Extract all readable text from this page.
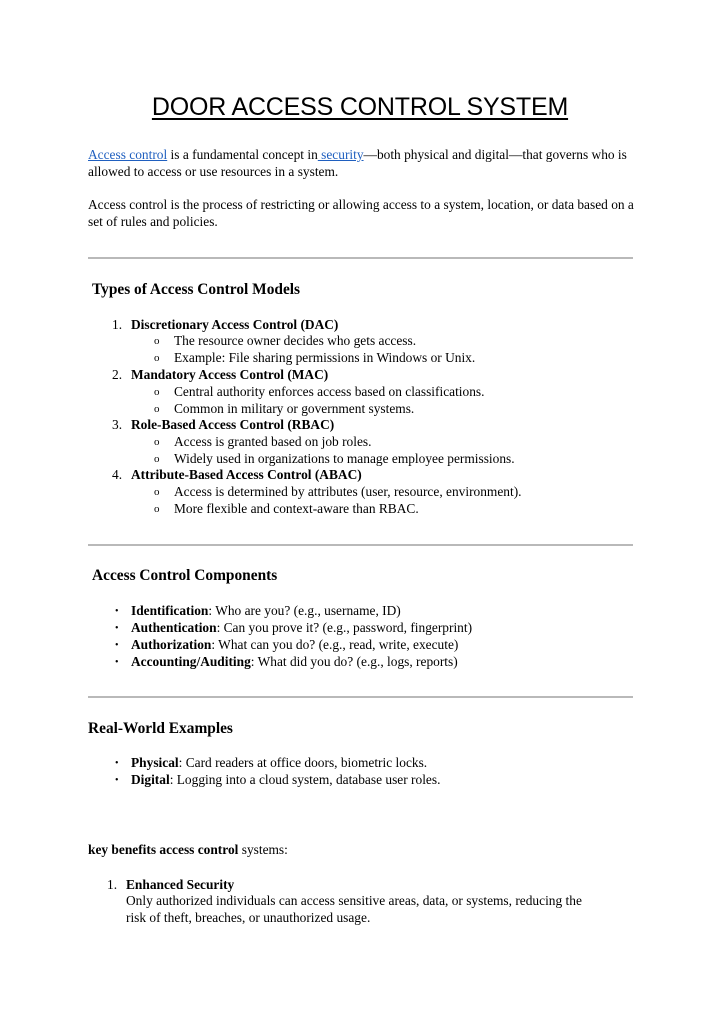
DOOR ACCESS CONTROL SYSTEM

Access control is a fundamental concept in security—both physical and digital—that governs who is allowed to access or use resources in a system.

Access control is the process of restricting or allowing access to a system, location, or data based on a set of rules and policies.

Types of Access Control Models
1. Discretionary Access Control (DAC)
o The resource owner decides who gets access.
o Example: File sharing permissions in Windows or Unix.
2. Mandatory Access Control (MAC)
o Central authority enforces access based on classifications.
o Common in military or government systems.
3. Role-Based Access Control (RBAC)
o Access is granted based on job roles.
o Widely used in organizations to manage employee permissions.
4. Attribute-Based Access Control (ABAC)
o Access is determined by attributes (user, resource, environment).
o More flexible and context-aware than RBAC.
Access Control Components
• Identification: Who are you? (e.g., username, ID)
• Authentication: Can you prove it? (e.g., password, fingerprint)
• Authorization: What can you do? (e.g., read, write, execute)
• Accounting/Auditing: What did you do? (e.g., logs, reports)
Real-World Examples
• Physical: Card readers at office doors, biometric locks.
• Digital: Logging into a cloud system, database user roles.

key benefits access control systems:

1. Enhanced Security
Only authorized individuals can access sensitive areas, data, or systems, reducing the
risk of theft, breaches, or unauthorized usage.
